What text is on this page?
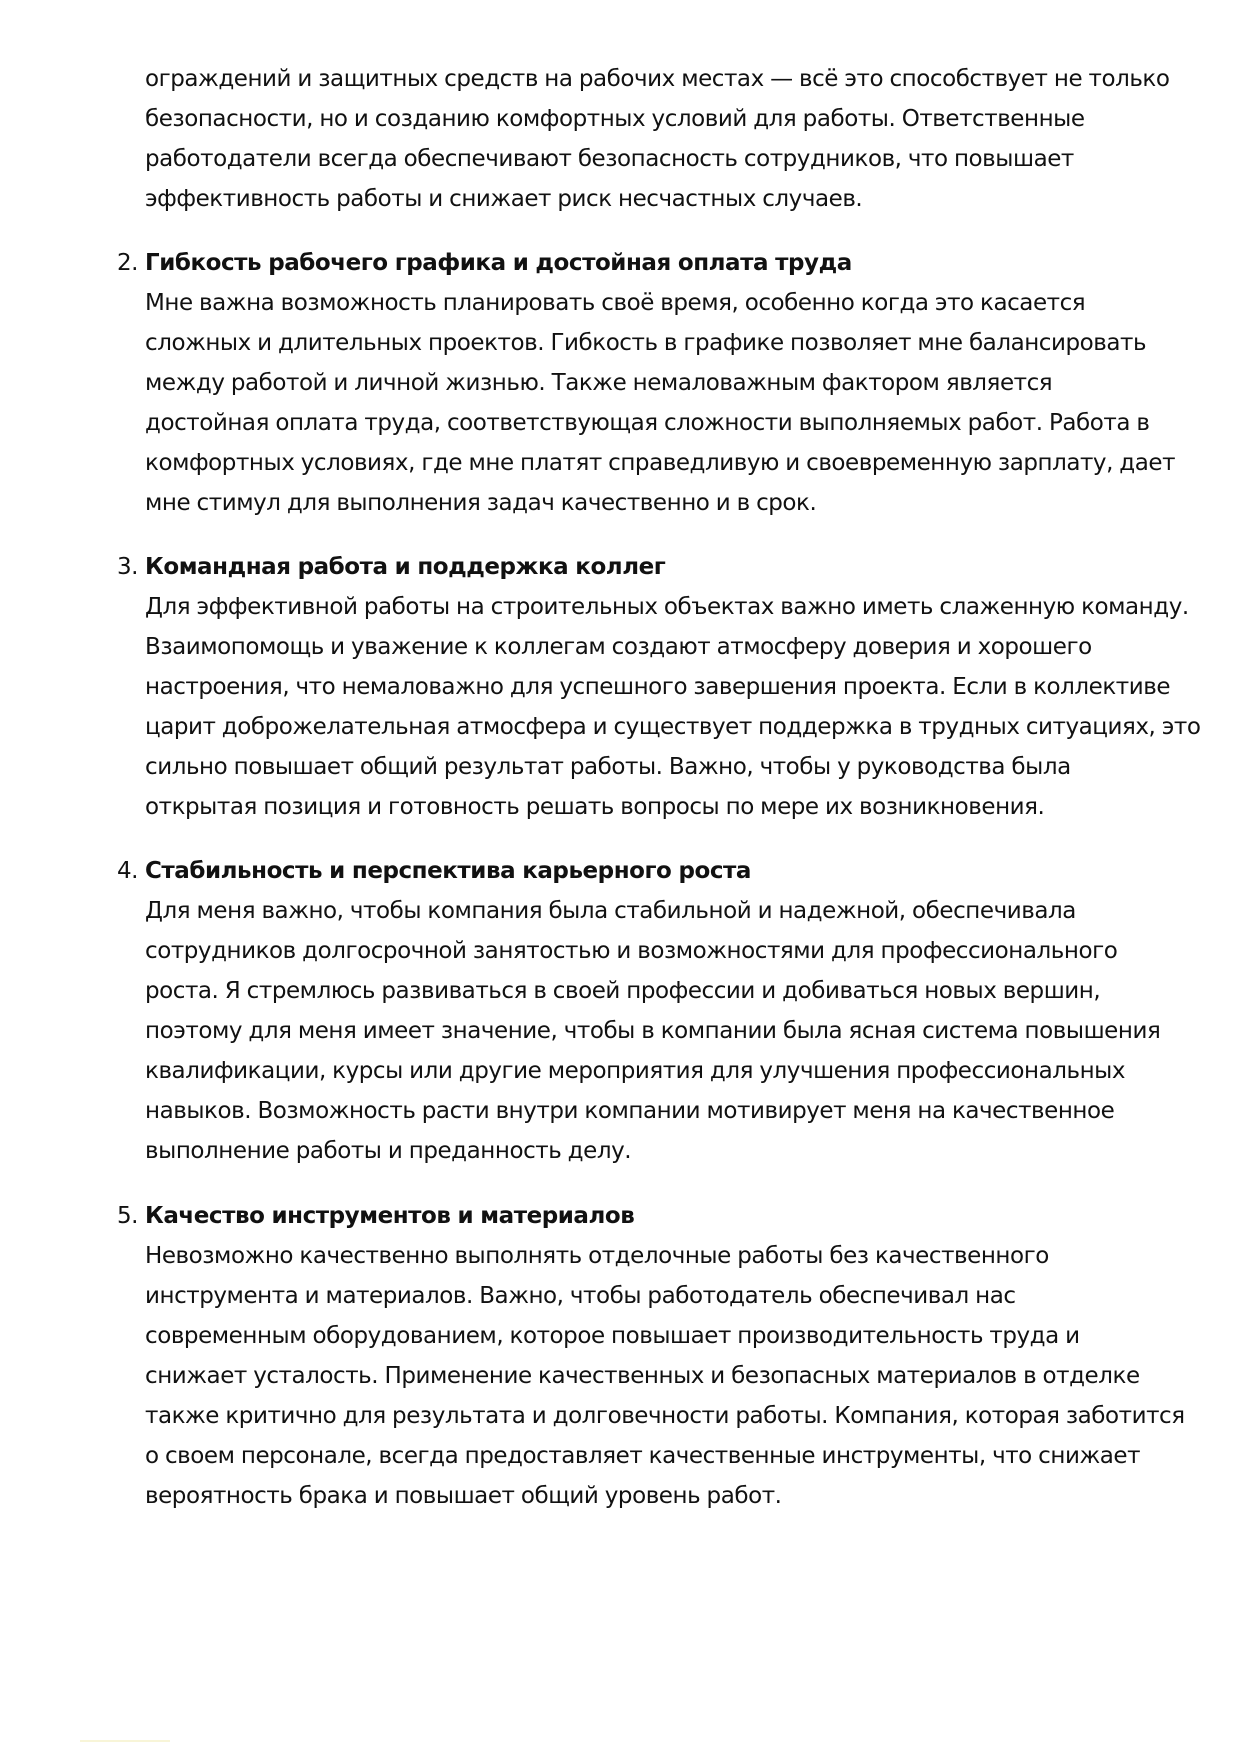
ограждений и защитных средств на рабочих местах — всё это способствует не только
безопасности, но и созданию комфортных условий для работы. Ответственные
работодатели всегда обеспечивают безопасность сотрудников, что повышает
эффективность работы и снижает риск несчастных случаев.
2. Гибкость рабочего графика и достойная оплата труда
Мне важна возможность планировать своё время, особенно когда это касается
сложных и длительных проектов. Гибкость в графике позволяет мне балансировать
между работой и личной жизнью. Также немаловажным фактором является
достойная оплата труда, соответствующая сложности выполняемых работ. Работа в
комфортных условиях, где мне платят справедливую и своевременную зарплату, дает
мне стимул для выполнения задач качественно и в срок.
3. Командная работа и поддержка коллег
Для эффективной работы на строительных объектах важно иметь слаженную команду.
Взаимопомощь и уважение к коллегам создают атмосферу доверия и хорошего
настроения, что немаловажно для успешного завершения проекта. Если в коллективе
царит доброжелательная атмосфера и существует поддержка в трудных ситуациях, это
сильно повышает общий результат работы. Важно, чтобы у руководства была
открытая позиция и готовность решать вопросы по мере их возникновения.
4. Стабильность и перспектива карьерного роста
Для меня важно, чтобы компания была стабильной и надежной, обеспечивала
сотрудников долгосрочной занятостью и возможностями для профессионального
роста. Я стремлюсь развиваться в своей профессии и добиваться новых вершин,
поэтому для меня имеет значение, чтобы в компании была ясная система повышения
квалификации, курсы или другие мероприятия для улучшения профессиональных
навыков. Возможность расти внутри компании мотивирует меня на качественное
выполнение работы и преданность делу.
5. Качество инструментов и материалов
Невозможно качественно выполнять отделочные работы без качественного
инструмента и материалов. Важно, чтобы работодатель обеспечивал нас
современным оборудованием, которое повышает производительность труда и
снижает усталость. Применение качественных и безопасных материалов в отделке
также критично для результата и долговечности работы. Компания, которая заботится
о своем персонале, всегда предоставляет качественные инструменты, что снижает
вероятность брака и повышает общий уровень работ.
